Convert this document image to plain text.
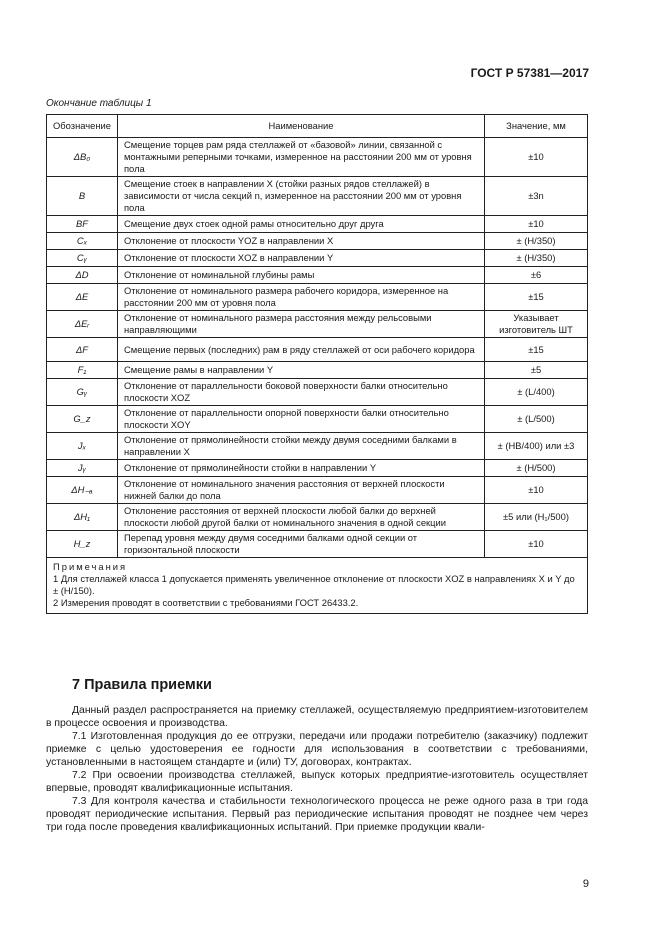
ГОСТ Р 57381—2017
Окончание таблицы 1
Обозначение	Наименование	Значение, мм
ΔB₀	Смещение торцев рам ряда стеллажей от «базовой» линии, связанной с монтажными реперными точками, измеренное на расстоянии 200 мм от уровня пола	±10
B	Смещение стоек в направлении X (стойки разных рядов стеллажей) в зависимости от числа секций n, измеренное на расстоянии 200 мм от уровня пола	±3n
BF	Смещение двух стоек одной рамы относительно друг друга	±10
Cₓ	Отклонение от плоскости YOZ в направлении X	± (H/350)
Cᵧ	Отклонение от плоскости XOZ в направлении Y	± (H/350)
ΔD	Отклонение от номинальной глубины рамы	±6
ΔE	Отклонение от номинального размера рабочего коридора, измеренное на расстоянии 200 мм от уровня пола	±15
ΔEᵣ	Отклонение от номинального размера расстояния между рельсовыми направляющими	Указывает изготовитель ШТ
ΔF	Смещение первых (последних) рам в ряду стеллажей от оси рабочего коридора	±15
F₁	Смещение рамы в направлении Y	±5
Gᵧ	Отклонение от параллельности боковой поверхности балки относительно плоскости XOZ	± (L/400)
G_z	Отклонение от параллельности опорной поверхности балки относительно плоскости XOY	± (L/500)
Jₓ	Отклонение от прямолинейности стойки между двумя соседними балками в направлении X	± (HB/400) или ±3
Jᵧ	Отклонение от прямолинейности стойки в направлении Y	± (H/500)
ΔH₋ₐ	Отклонение от номинального значения расстояния от верхней плоскости нижней балки до пола	±10
ΔH₁	Отклонение расстояния от верхней плоскости любой балки до верхней плоскости любой другой балки от номинального значения в одной секции	±5 или (H₁/500)
H_z	Перепад уровня между двумя соседними балками одной секции от горизонтальной плоскости	±10

Примечания
1 Для стеллажей класса 1 допускается применять увеличенное отклонение от плоскости XOZ в направлениях X и Y до ± (H/150).
2 Измерения проводят в соответствии с требованиями ГОСТ 26433.2.		
7 Правила приемки

Данный раздел распространяется на приемку стеллажей, осуществляемую предприятием-изготовителем в процессе освоения и производства.

7.1 Изготовленная продукция до ее отгрузки, передачи или продажи потребителю (заказчику) подлежит приемке с целью удостоверения ее годности для использования в соответствии с требованиями, установленными в настоящем стандарте и (или) ТУ, договорах, контрактах.

7.2 При освоении производства стеллажей, выпуск которых предприятие-изготовитель осуществляет впервые, проводят квалификационные испытания.

7.3 Для контроля качества и стабильности технологического процесса не реже одного раза в три года проводят периодические испытания. Первый раз периодические испытания проводят не позднее чем через три года после проведения квалификационных испытаний. При приемке продукции квали-

9
